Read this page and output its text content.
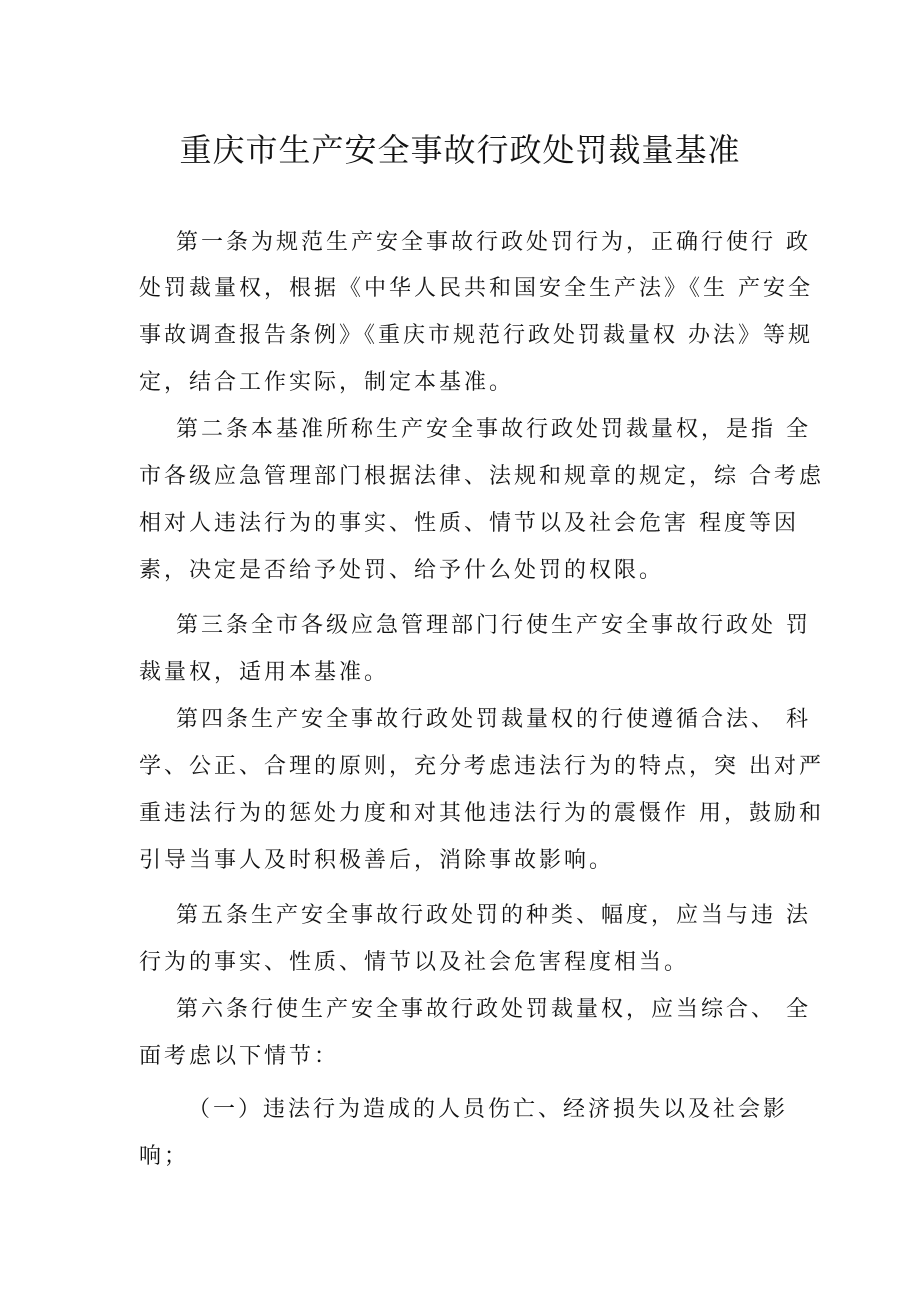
重庆市生产安全事故行政处罚裁量基准
第一条为规范生产安全事故行政处罚行为，正确行使行 政
处罚裁量权，根据《中华人民共和国安全生产法》《生 产安全
事故调查报告条例》《重庆市规范行政处罚裁量权 办法》等规
定，结合工作实际，制定本基准。
第二条本基准所称生产安全事故行政处罚裁量权，是指 全
市各级应急管理部门根据法律、法规和规章的规定，综 合考虑
相对人违法行为的事实、性质、情节以及社会危害 程度等因
素，决定是否给予处罚、给予什么处罚的权限。
第三条全市各级应急管理部门行使生产安全事故行政处 罚
裁量权，适用本基准。
第四条生产安全事故行政处罚裁量权的行使遵循合法、 科
学、公正、合理的原则，充分考虑违法行为的特点，突 出对严
重违法行为的惩处力度和对其他违法行为的震慑作 用，鼓励和
引导当事人及时积极善后，消除事故影响。
第五条生产安全事故行政处罚的种类、幅度，应当与违 法
行为的事实、性质、情节以及社会危害程度相当。
第六条行使生产安全事故行政处罚裁量权，应当综合、 全
面考虑以下情节：
（一）违法行为造成的人员伤亡、经济损失以及社会影
响；
